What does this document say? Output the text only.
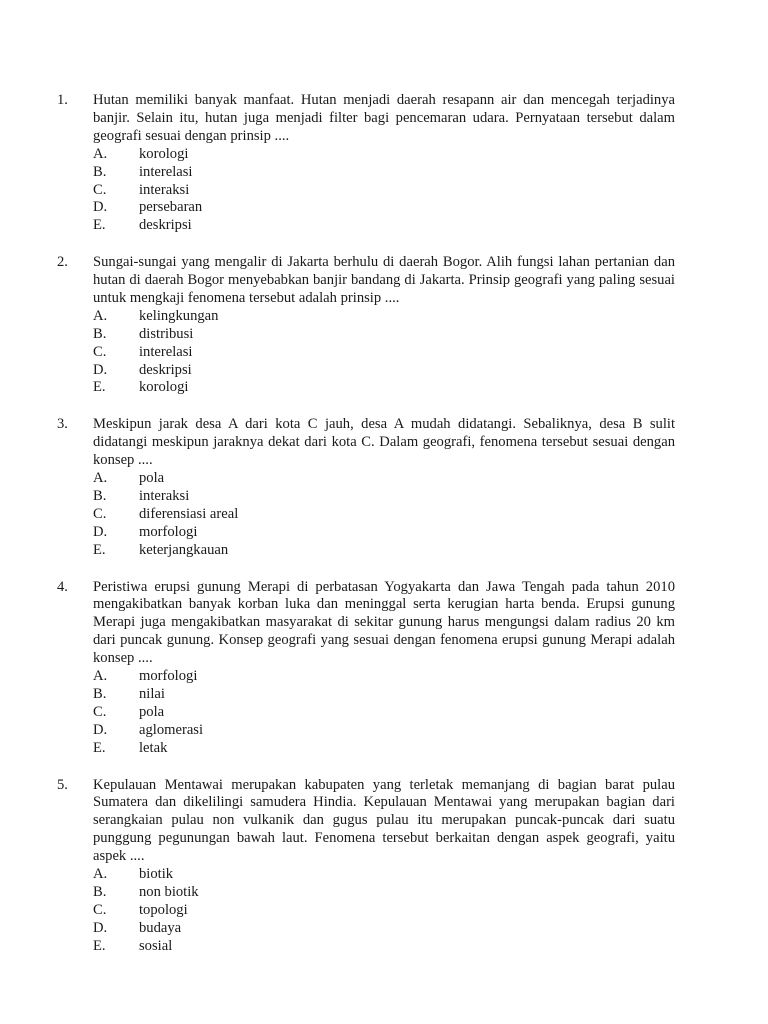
1. Hutan memiliki banyak manfaat. Hutan menjadi daerah resapann air dan mencegah terjadinya banjir. Selain itu, hutan juga menjadi filter bagi pencemaran udara. Pernyataan tersebut dalam geografi sesuai dengan prinsip ....
A. korologi
B. interelasi
C. interaksi
D. persebaran
E. deskripsi
2. Sungai-sungai yang mengalir di Jakarta berhulu di daerah Bogor. Alih fungsi lahan pertanian dan hutan di daerah Bogor menyebabkan banjir bandang di Jakarta. Prinsip geografi yang paling sesuai untuk mengkaji fenomena tersebut adalah prinsip ....
A. kelingkungan
B. distribusi
C. interelasi
D. deskripsi
E. korologi
3. Meskipun jarak desa A dari kota C jauh, desa A mudah didatangi. Sebaliknya, desa B sulit didatangi meskipun jaraknya dekat dari kota C. Dalam geografi, fenomena tersebut sesuai dengan konsep ....
A. pola
B. interaksi
C. diferensiasi areal
D. morfologi
E. keterjangkauan
4. Peristiwa erupsi gunung Merapi di perbatasan Yogyakarta dan Jawa Tengah pada tahun 2010 mengakibatkan banyak korban luka dan meninggal serta kerugian harta benda. Erupsi gunung Merapi juga mengakibatkan masyarakat di sekitar gunung harus mengungsi dalam radius 20 km dari puncak gunung. Konsep geografi yang sesuai dengan fenomena erupsi gunung Merapi adalah konsep ....
A. morfologi
B. nilai
C. pola
D. aglomerasi
E. letak
5. Kepulauan Mentawai merupakan kabupaten yang terletak memanjang di bagian barat pulau Sumatera dan dikelilingi samudera Hindia. Kepulauan Mentawai yang merupakan bagian dari serangkaian pulau non vulkanik dan gugus pulau itu merupakan puncak-puncak dari suatu punggung pegunungan bawah laut. Fenomena tersebut berkaitan dengan aspek geografi, yaitu aspek ....
A. biotik
B. non biotik
C. topologi
D. budaya
E. sosial
